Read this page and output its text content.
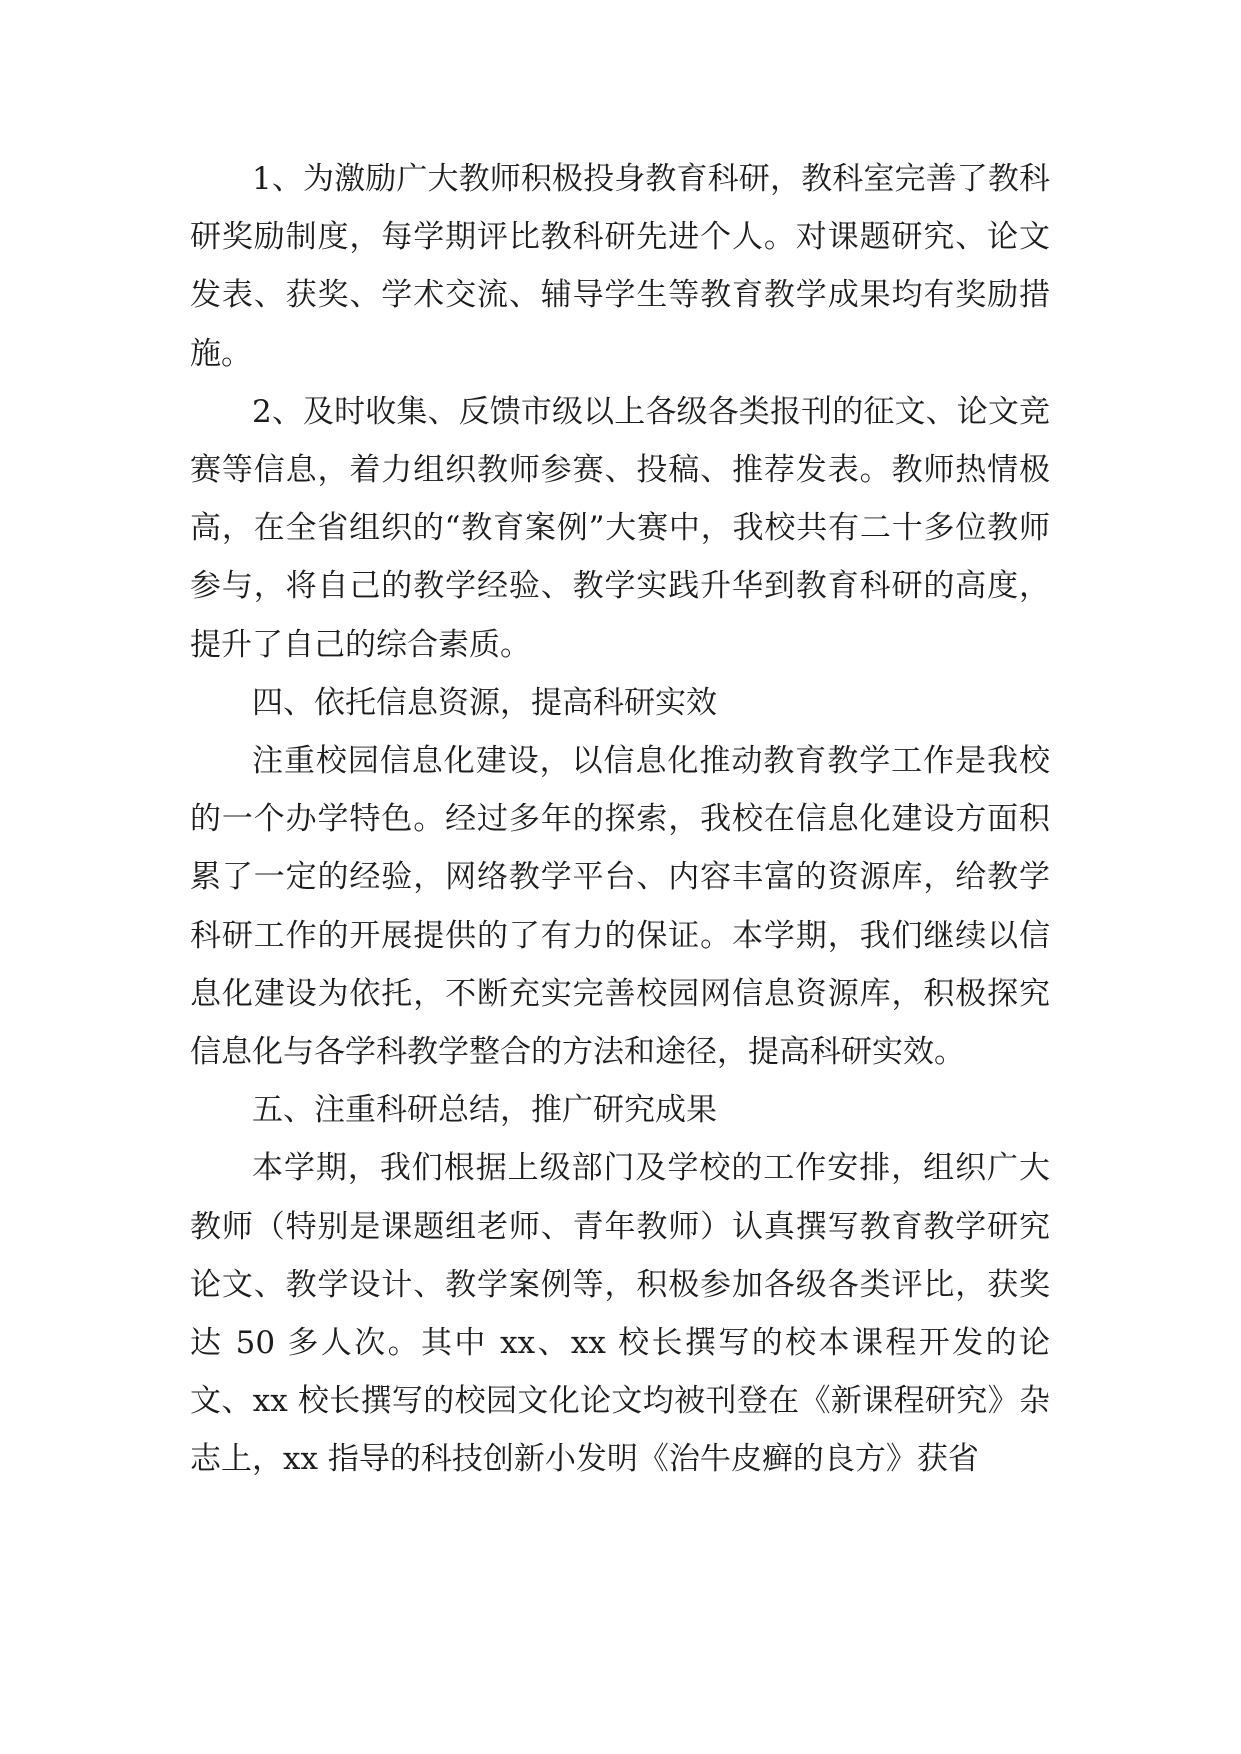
1、为激励广大教师积极投身教育科研，教科室完善了教科研奖励制度，每学期评比教科研先进个人。对课题研究、论文发表、获奖、学术交流、辅导学生等教育教学成果均有奖励措施。

2、及时收集、反馈市级以上各级各类报刊的征文、论文竞赛等信息，着力组织教师参赛、投稿、推荐发表。教师热情极高，在全省组织的“教育案例”大赛中，我校共有二十多位教师参与，将自己的教学经验、教学实践升华到教育科研的高度，提升了自己的综合素质。

四、依托信息资源，提高科研实效

注重校园信息化建设，以信息化推动教育教学工作是我校的一个办学特色。经过多年的探索，我校在信息化建设方面积累了一定的经验，网络教学平台、内容丰富的资源库，给教学科研工作的开展提供的了有力的保证。本学期，我们继续以信息化建设为依托，不断充实完善校园网信息资源库，积极探究信息化与各学科教学整合的方法和途径，提高科研实效。

五、注重科研总结，推广研究成果

本学期，我们根据上级部门及学校的工作安排，组织广大教师（特别是课题组老师、青年教师）认真撰写教育教学研究论文、教学设计、教学案例等，积极参加各级各类评比，获奖达 50 多人次。其中 xx、xx 校长撰写的校本课程开发的论文、xx 校长撰写的校园文化论文均被刊登在《新课程研究》杂志上，xx 指导的科技创新小发明《治牛皮癣的良方》获省
